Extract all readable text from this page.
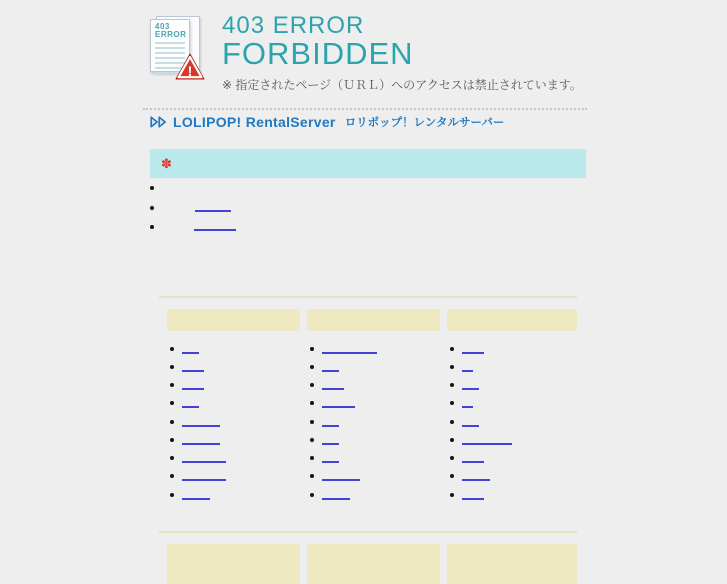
403
ERROR
!
403 ERROR
FORBIDDEN
※ 指定されたページ（ＵＲＬ）へのアクセスは禁止されています。
LOLIPOP! RentalServer ロリポップ！レンタルサーバー
✽
